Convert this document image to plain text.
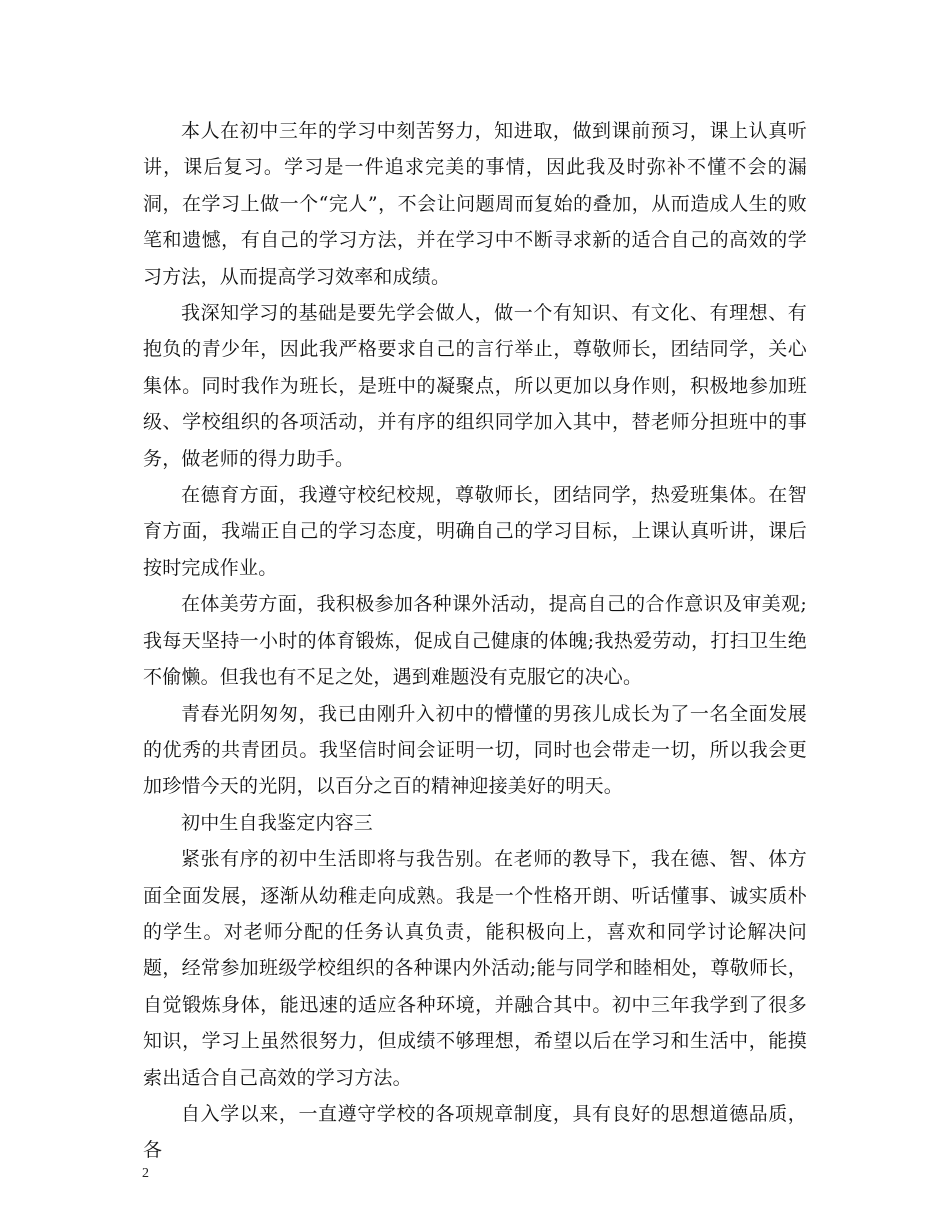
本人在初中三年的学习中刻苦努力，知进取，做到课前预习，课上认真听讲，课后复习。学习是一件追求完美的事情，因此我及时弥补不懂不会的漏洞，在学习上做一个“完人”，不会让问题周而复始的叠加，从而造成人生的败笔和遗憾，有自己的学习方法，并在学习中不断寻求新的适合自己的高效的学习方法，从而提高学习效率和成绩。

我深知学习的基础是要先学会做人，做一个有知识、有文化、有理想、有抱负的青少年，因此我严格要求自己的言行举止，尊敬师长，团结同学，关心集体。同时我作为班长，是班中的凝聚点，所以更加以身作则，积极地参加班级、学校组织的各项活动，并有序的组织同学加入其中，替老师分担班中的事务，做老师的得力助手。

在德育方面，我遵守校纪校规，尊敬师长，团结同学，热爱班集体。在智育方面，我端正自己的学习态度，明确自己的学习目标，上课认真听讲，课后按时完成作业。

在体美劳方面，我积极参加各种课外活动，提高自己的合作意识及审美观;我每天坚持一小时的体育锻炼，促成自己健康的体魄;我热爱劳动，打扫卫生绝不偷懒。但我也有不足之处，遇到难题没有克服它的决心。

青春光阴匆匆，我已由刚升入初中的懵懂的男孩儿成长为了一名全面发展的优秀的共青团员。我坚信时间会证明一切，同时也会带走一切，所以我会更加珍惜今天的光阴，以百分之百的精神迎接美好的明天。

初中生自我鉴定内容三

紧张有序的初中生活即将与我告别。在老师的教导下，我在德、智、体方面全面发展，逐渐从幼稚走向成熟。我是一个性格开朗、听话懂事、诚实质朴的学生。对老师分配的任务认真负责，能积极向上，喜欢和同学讨论解决问题，经常参加班级学校组织的各种课内外活动;能与同学和睦相处，尊敬师长，自觉锻炼身体，能迅速的适应各种环境，并融合其中。初中三年我学到了很多知识，学习上虽然很努力，但成绩不够理想，希望以后在学习和生活中，能摸索出适合自己高效的学习方法。

自入学以来，一直遵守学校的各项规章制度，具有良好的思想道德品质，各

2
